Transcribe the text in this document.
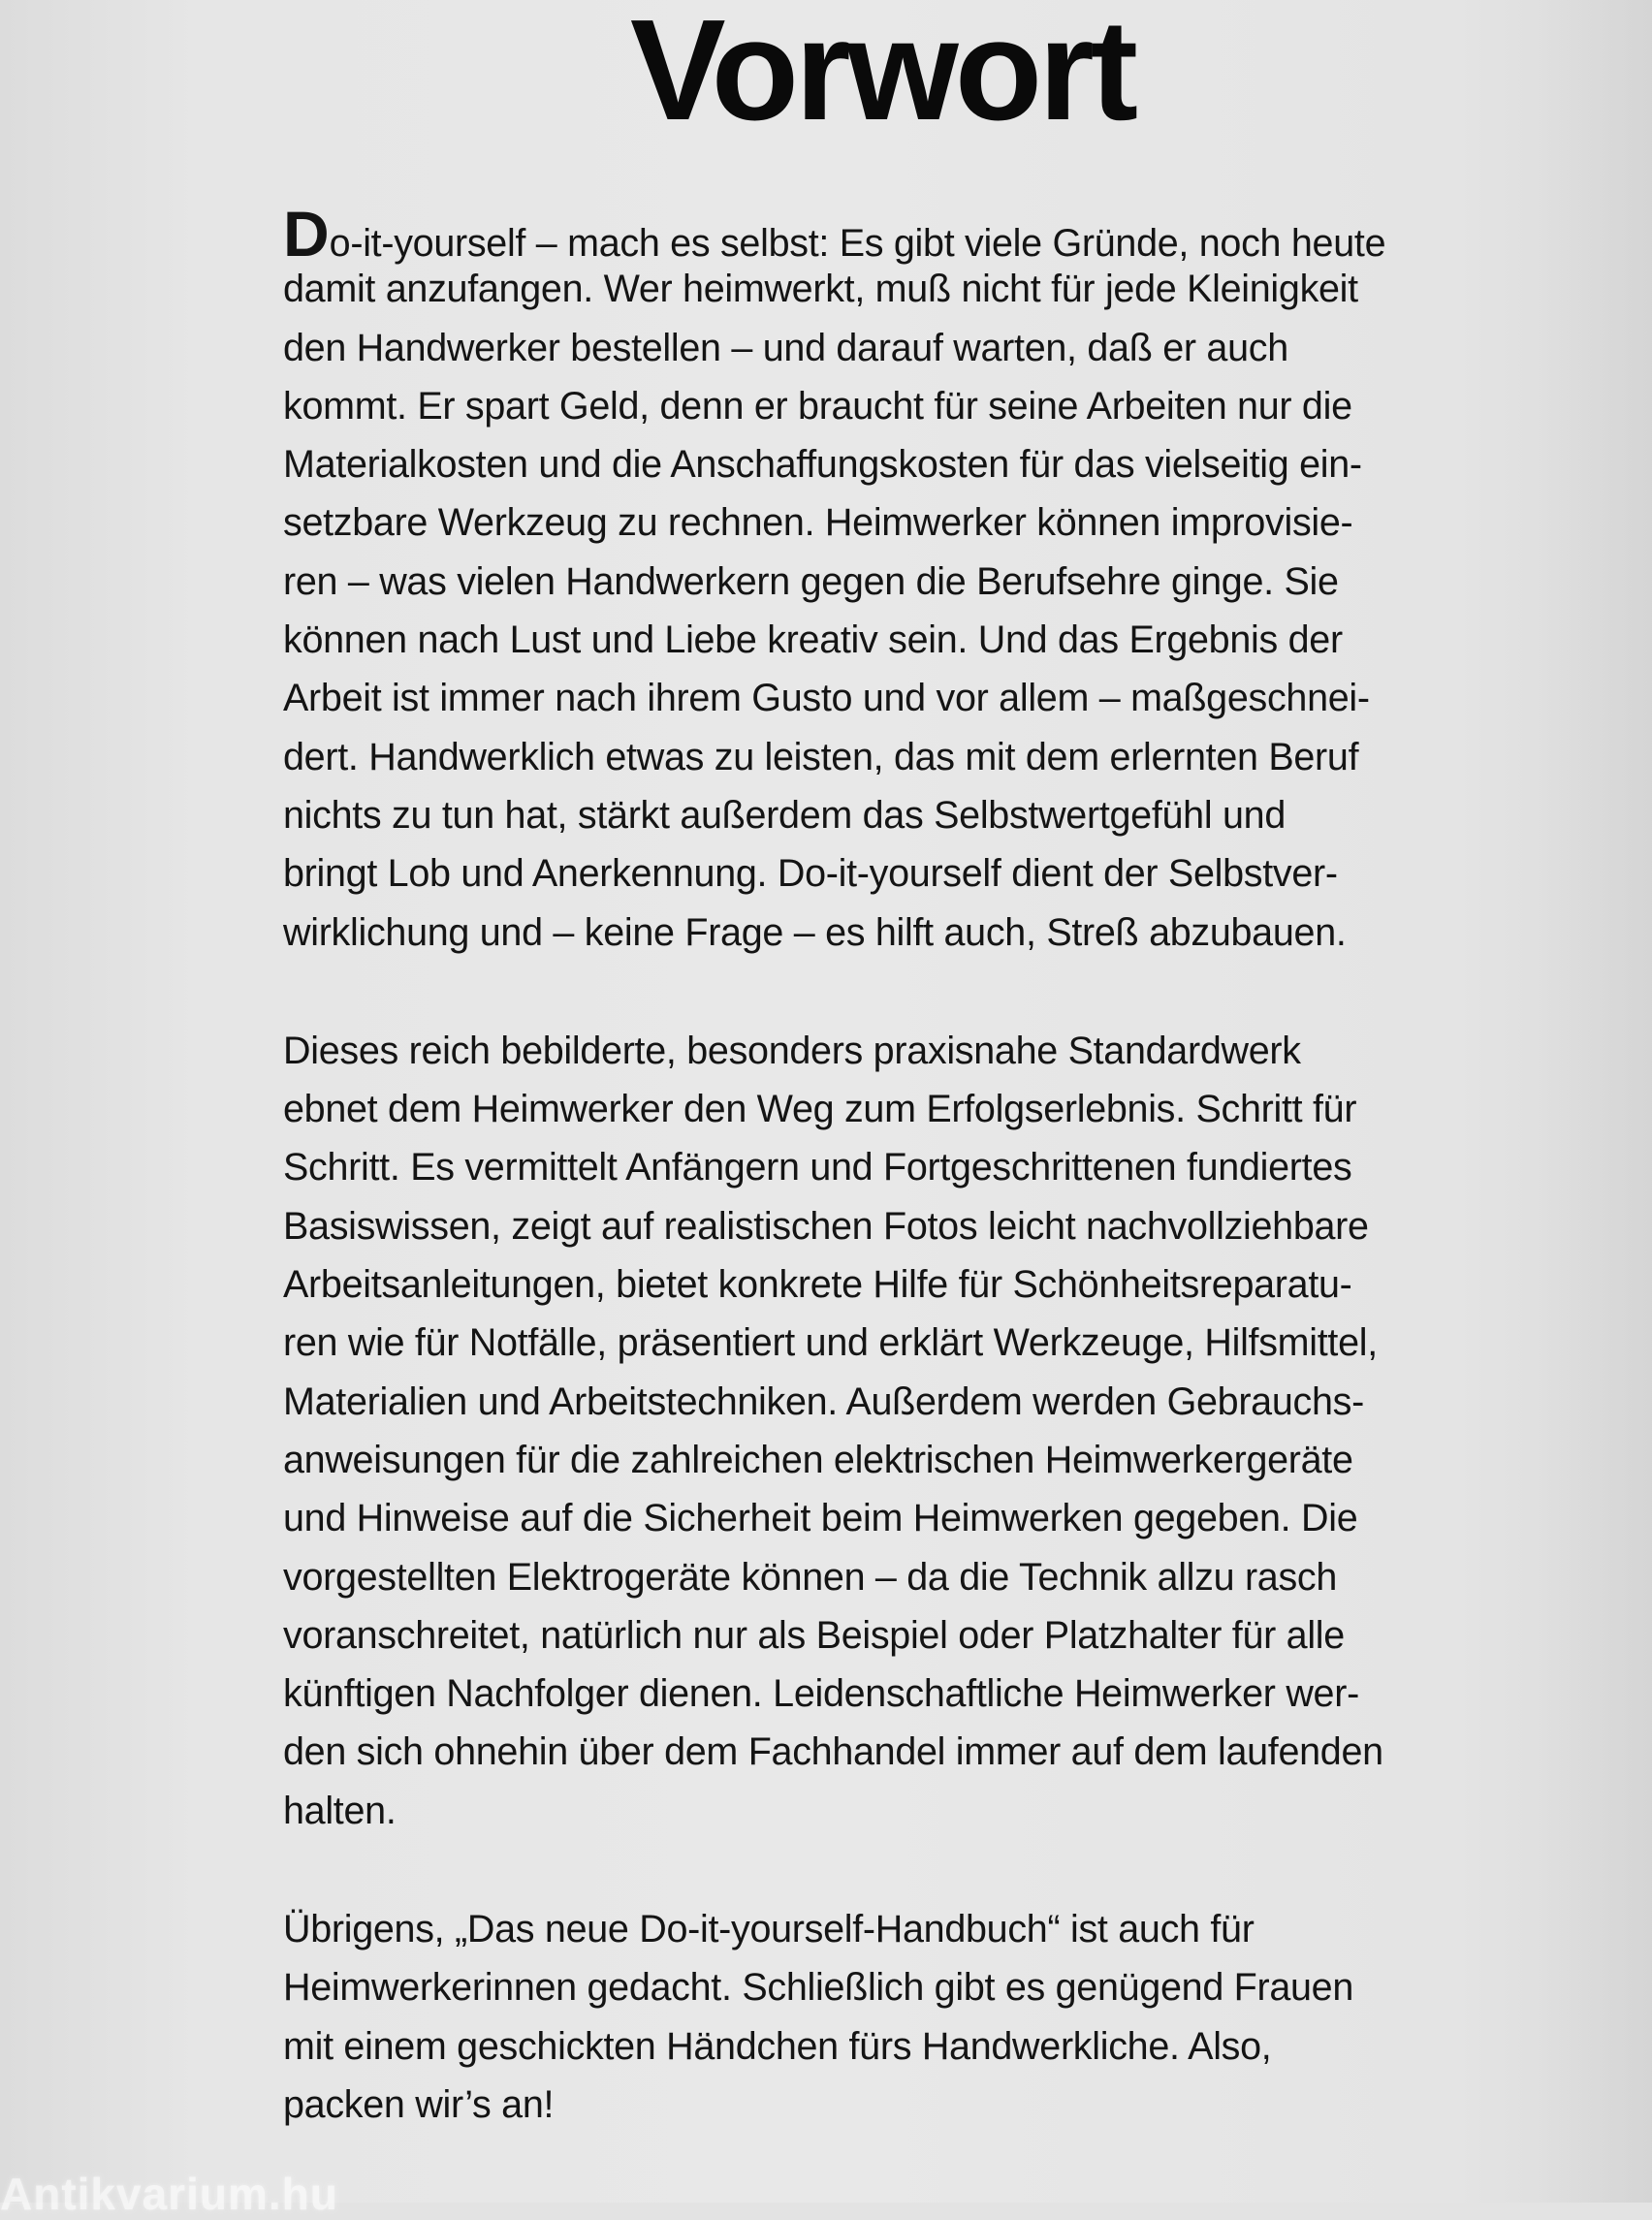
Vorwort
Do-it-yourself – mach es selbst: Es gibt viele Gründe, noch heute
damit anzufangen. Wer heimwerkt, muß nicht für jede Kleinigkeit
den Handwerker bestellen – und darauf warten, daß er auch
kommt. Er spart Geld, denn er braucht für seine Arbeiten nur die
Materialkosten und die Anschaffungskosten für das vielseitig ein-
setzbare Werkzeug zu rechnen. Heimwerker können improvisie-
ren – was vielen Handwerkern gegen die Berufsehre ginge. Sie
können nach Lust und Liebe kreativ sein. Und das Ergebnis der
Arbeit ist immer nach ihrem Gusto und vor allem – maßgeschnei-
dert. Handwerklich etwas zu leisten, das mit dem erlernten Beruf
nichts zu tun hat, stärkt außerdem das Selbstwertgefühl und
bringt Lob und Anerkennung. Do-it-yourself dient der Selbstver-
wirklichung und – keine Frage – es hilft auch, Streß abzubauen.
Dieses reich bebilderte, besonders praxisnahe Standardwerk
ebnet dem Heimwerker den Weg zum Erfolgserlebnis. Schritt für
Schritt. Es vermittelt Anfängern und Fortgeschrittenen fundiertes
Basiswissen, zeigt auf realistischen Fotos leicht nachvollziehbare
Arbeitsanleitungen, bietet konkrete Hilfe für Schönheitsreparatu-
ren wie für Notfälle, präsentiert und erklärt Werkzeuge, Hilfsmittel,
Materialien und Arbeitstechniken. Außerdem werden Gebrauchs-
anweisungen für die zahlreichen elektrischen Heimwerkergeräte
und Hinweise auf die Sicherheit beim Heimwerken gegeben. Die
vorgestellten Elektrogeräte können – da die Technik allzu rasch
voranschreitet, natürlich nur als Beispiel oder Platzhalter für alle
künftigen Nachfolger dienen. Leidenschaftliche Heimwerker wer-
den sich ohnehin über dem Fachhandel immer auf dem laufenden
halten.
Übrigens, „Das neue Do-it-yourself-Handbuch“ ist auch für
Heimwerkerinnen gedacht. Schließlich gibt es genügend Frauen
mit einem geschickten Händchen fürs Handwerkliche. Also,
packen wir’s an!
Antikvarium.hu
